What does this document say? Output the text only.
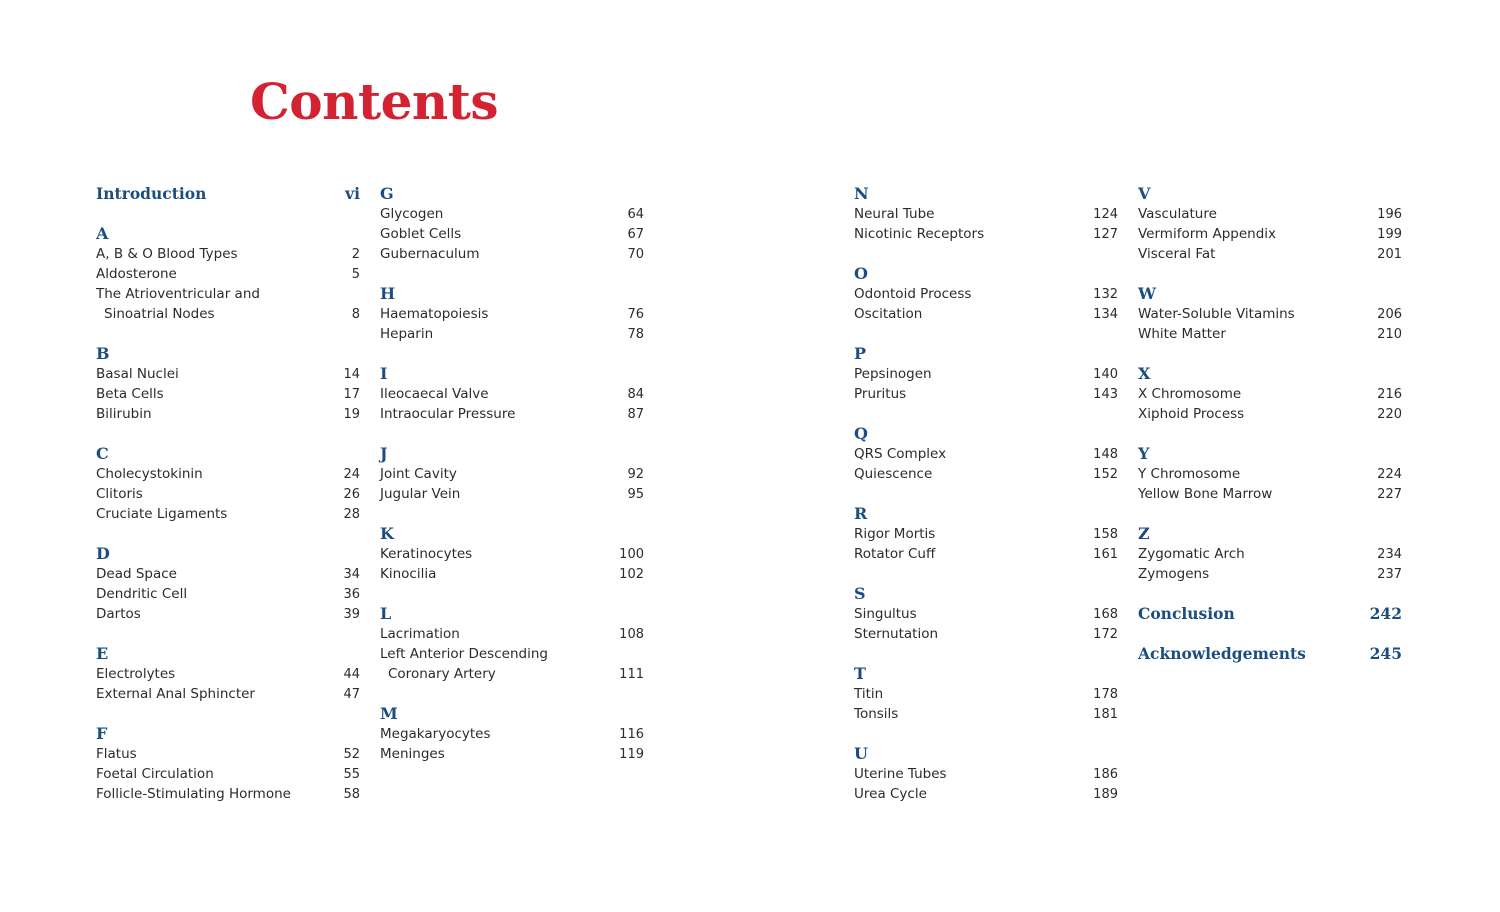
Contents
Introduction	vi
A
A, B & O Blood Types	2
Aldosterone	5
The Atrioventricular and
Sinoatrial Nodes	8
B
Basal Nuclei	14
Beta Cells	17
Bilirubin	19
C
Cholecystokinin	24
Clitoris	26
Cruciate Ligaments	28
D
Dead Space	34
Dendritic Cell	36
Dartos	39
E
Electrolytes	44
External Anal Sphincter	47
F
Flatus	52
Foetal Circulation	55
Follicle-Stimulating Hormone	58
G
Glycogen	64
Goblet Cells	67
Gubernaculum	70
H
Haematopoiesis	76
Heparin	78
I
Ileocaecal Valve	84
Intraocular Pressure	87
J
Joint Cavity	92
Jugular Vein	95
K
Keratinocytes	100
Kinocilia	102
L
Lacrimation	108
Left Anterior Descending
Coronary Artery	111
M
Megakaryocytes	116
Meninges	119
N
Neural Tube	124
Nicotinic Receptors	127
O
Odontoid Process	132
Oscitation	134
P
Pepsinogen	140
Pruritus	143
Q
QRS Complex	148
Quiescence	152
R
Rigor Mortis	158
Rotator Cuff	161
S
Singultus	168
Sternutation	172
T
Titin	178
Tonsils	181
U
Uterine Tubes	186
Urea Cycle	189
V
Vasculature	196
Vermiform Appendix	199
Visceral Fat	201
W
Water-Soluble Vitamins	206
White Matter	210
X
X Chromosome	216
Xiphoid Process	220
Y
Y Chromosome	224
Yellow Bone Marrow	227
Z
Zygomatic Arch	234
Zymogens	237
Conclusion	242
Acknowledgements	245
